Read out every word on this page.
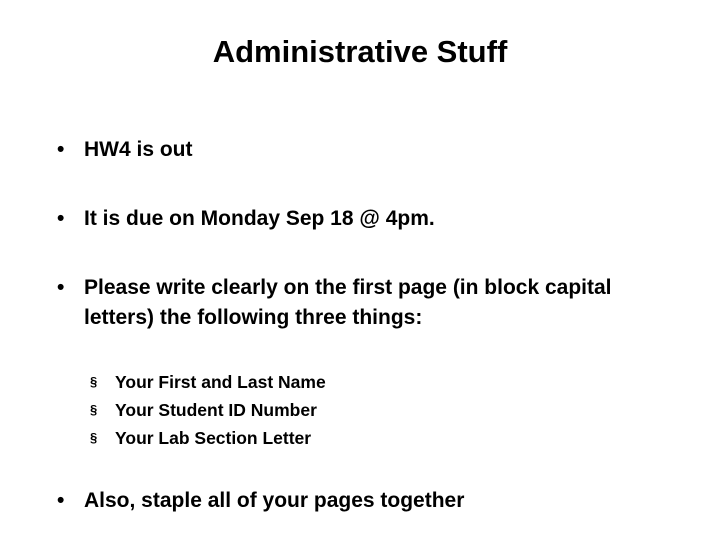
Administrative Stuff
• HW4 is out
• It is due on Monday Sep 18 @ 4pm.
• Please write clearly on the first page (in block capital letters) the following three things:
§	Your First and Last Name
§	Your Student ID Number
§	Your Lab Section Letter
• Also, staple all of your pages together
